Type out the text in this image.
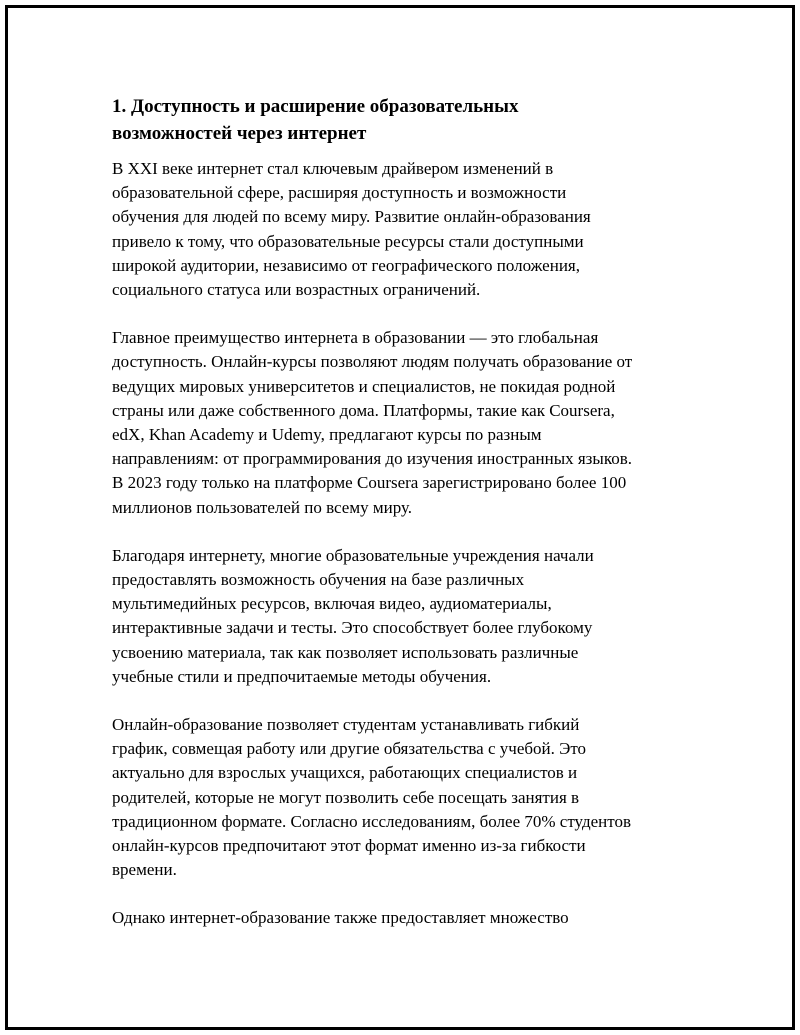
1. Доступность и расширение образовательных
возможностей через интернет

В XXI веке интернет стал ключевым драйвером изменений в
образовательной сфере, расширяя доступность и возможности
обучения для людей по всему миру. Развитие онлайн-образования
привело к тому, что образовательные ресурсы стали доступными
широкой аудитории, независимо от географического положения,
социального статуса или возрастных ограничений.

Главное преимущество интернета в образовании — это глобальная
доступность. Онлайн-курсы позволяют людям получать образование от
ведущих мировых университетов и специалистов, не покидая родной
страны или даже собственного дома. Платформы, такие как Coursera,
edX, Khan Academy и Udemy, предлагают курсы по разным
направлениям: от программирования до изучения иностранных языков.
В 2023 году только на платформе Coursera зарегистрировано более 100
миллионов пользователей по всему миру.

Благодаря интернету, многие образовательные учреждения начали
предоставлять возможность обучения на базе различных
мультимедийных ресурсов, включая видео, аудиоматериалы,
интерактивные задачи и тесты. Это способствует более глубокому
усвоению материала, так как позволяет использовать различные
учебные стили и предпочитаемые методы обучения.

Онлайн-образование позволяет студентам устанавливать гибкий
график, совмещая работу или другие обязательства с учебой. Это
актуально для взрослых учащихся, работающих специалистов и
родителей, которые не могут позволить себе посещать занятия в
традиционном формате. Согласно исследованиям, более 70% студентов
онлайн-курсов предпочитают этот формат именно из-за гибкости
времени.

Однако интернет-образование также предоставляет множество
